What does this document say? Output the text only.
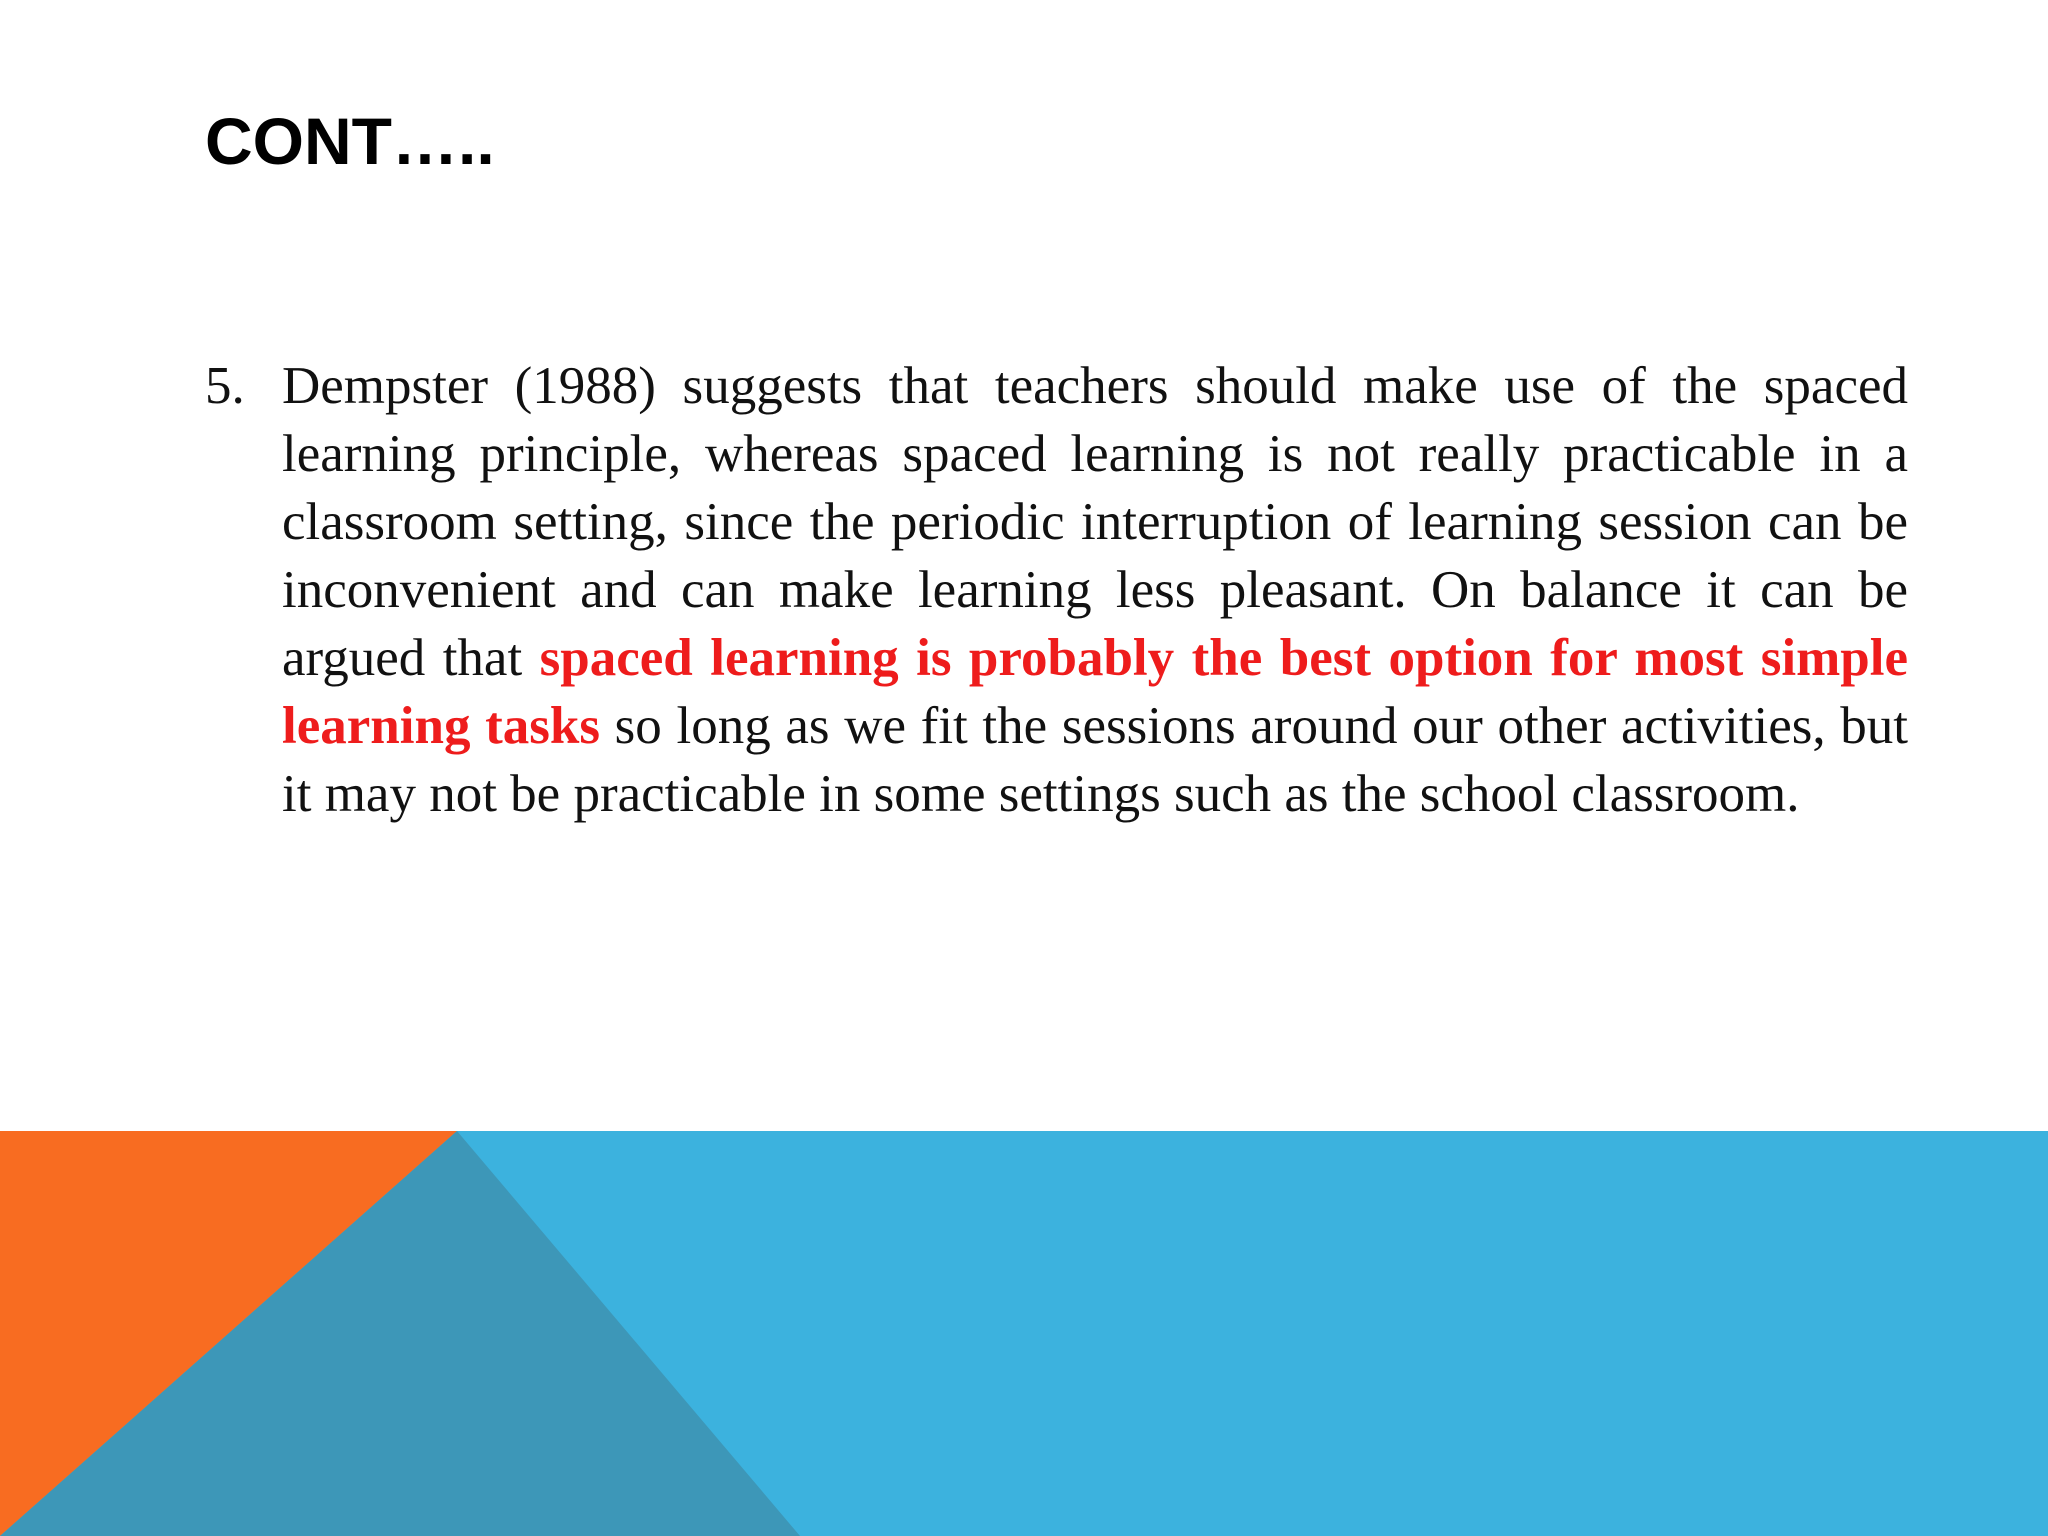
CONT…..

5. Dempster (1988) suggests that teachers should make use of the spaced learning principle, whereas spaced learning is not really practicable in a classroom setting, since the periodic interruption of learning session can be inconvenient and can make learning less pleasant. On balance it can be argued that spaced learning is probably the best option for most simple learning tasks so long as we fit the sessions around our other activities, but it may not be practicable in some settings such as the school classroom.
